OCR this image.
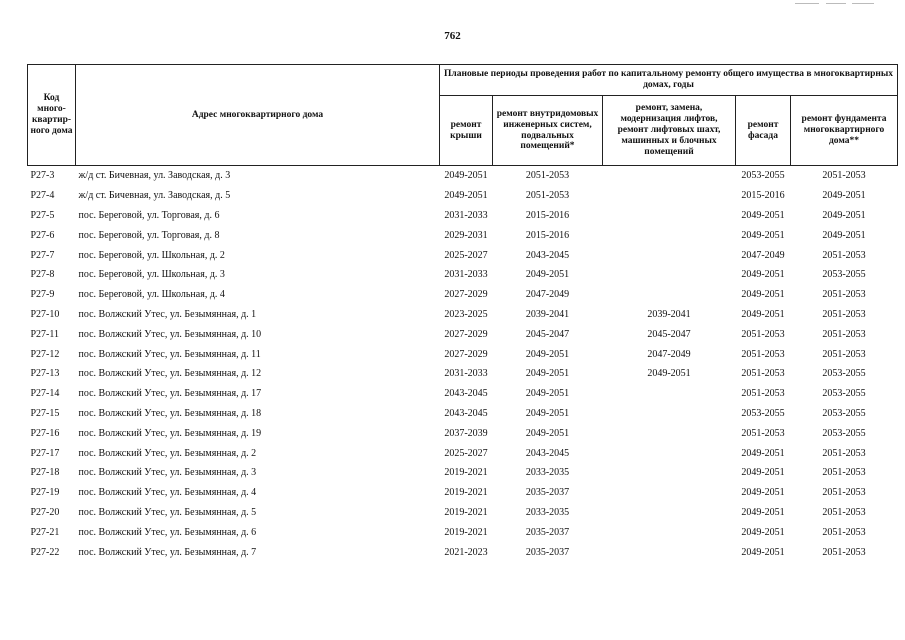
762
Код много-квартир-ного дома	Адрес многоквартирного дома	Плановые периоды проведения работ по капитальному ремонту общего имущества в многоквартирных домах, годы				
		ремонт крыши	ремонт внутридомовых инженерных систем, подвальных помещений*	ремонт, замена, модернизация лифтов, ремонт лифтовых шахт, машинных и блочных помещений	ремонт фасада	ремонт фундамента многоквартирного дома**
Р27-3	ж/д ст. Бичевная, ул. Заводская, д. 3	2049-2051	2051-2053		2053-2055	2051-2053
Р27-4	ж/д ст. Бичевная, ул. Заводская, д. 5	2049-2051	2051-2053		2015-2016	2049-2051
Р27-5	пос. Береговой, ул. Торговая, д. 6	2031-2033	2015-2016		2049-2051	2049-2051
Р27-6	пос. Береговой, ул. Торговая, д. 8	2029-2031	2015-2016		2049-2051	2049-2051
Р27-7	пос. Береговой, ул. Школьная, д. 2	2025-2027	2043-2045		2047-2049	2051-2053
Р27-8	пос. Береговой, ул. Школьная, д. 3	2031-2033	2049-2051		2049-2051	2053-2055
Р27-9	пос. Береговой, ул. Школьная, д. 4	2027-2029	2047-2049		2049-2051	2051-2053
Р27-10	пос. Волжский Утес, ул. Безымянная, д. 1	2023-2025	2039-2041	2039-2041	2049-2051	2051-2053
Р27-11	пос. Волжский Утес, ул. Безымянная, д. 10	2027-2029	2045-2047	2045-2047	2051-2053	2051-2053
Р27-12	пос. Волжский Утес, ул. Безымянная, д. 11	2027-2029	2049-2051	2047-2049	2051-2053	2051-2053
Р27-13	пос. Волжский Утес, ул. Безымянная, д. 12	2031-2033	2049-2051	2049-2051	2051-2053	2053-2055
Р27-14	пос. Волжский Утес, ул. Безымянная, д. 17	2043-2045	2049-2051		2051-2053	2053-2055
Р27-15	пос. Волжский Утес, ул. Безымянная, д. 18	2043-2045	2049-2051		2053-2055	2053-2055
Р27-16	пос. Волжский Утес, ул. Безымянная, д. 19	2037-2039	2049-2051		2051-2053	2053-2055
Р27-17	пос. Волжский Утес, ул. Безымянная, д. 2	2025-2027	2043-2045		2049-2051	2051-2053
Р27-18	пос. Волжский Утес, ул. Безымянная, д. 3	2019-2021	2033-2035		2049-2051	2051-2053
Р27-19	пос. Волжский Утес, ул. Безымянная, д. 4	2019-2021	2035-2037		2049-2051	2051-2053
Р27-20	пос. Волжский Утес, ул. Безымянная, д. 5	2019-2021	2033-2035		2049-2051	2051-2053
Р27-21	пос. Волжский Утес, ул. Безымянная, д. 6	2019-2021	2035-2037		2049-2051	2051-2053
Р27-22	пос. Волжский Утес, ул. Безымянная, д. 7	2021-2023	2035-2037		2049-2051	2051-2053
